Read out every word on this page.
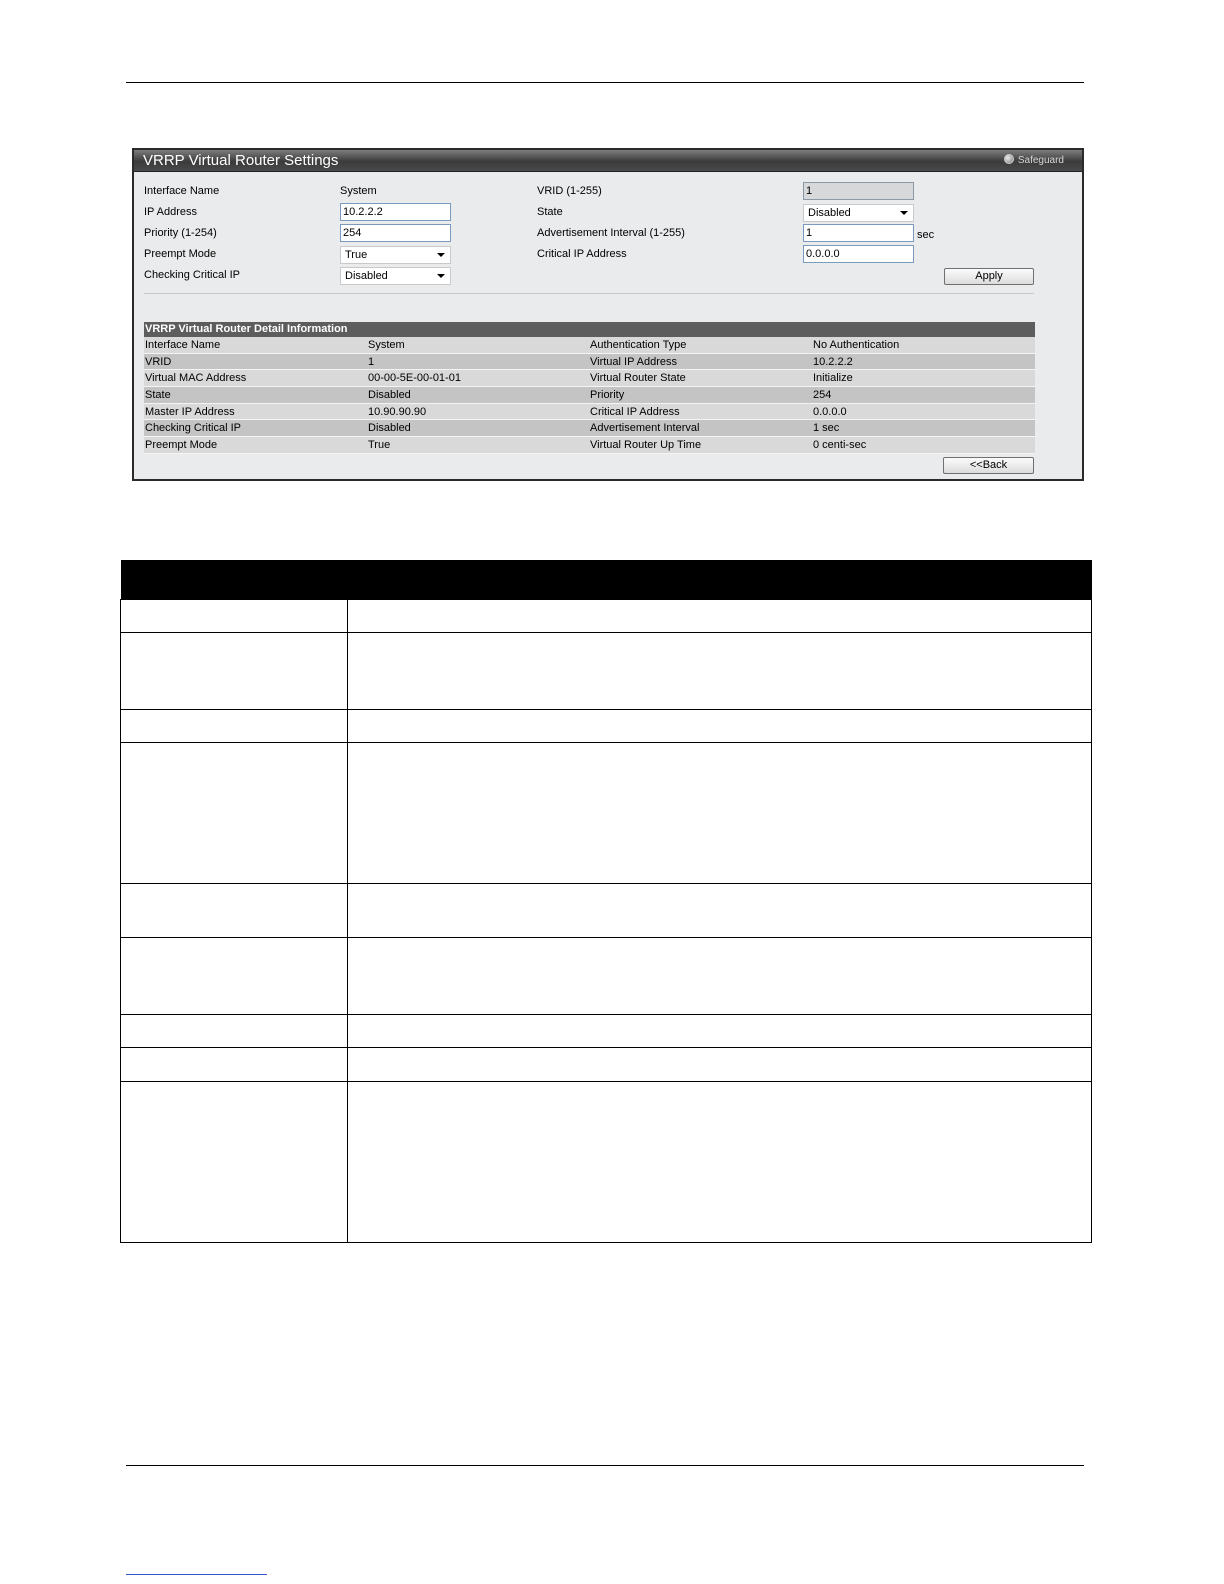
VRRP Virtual Router Settings	Safeguard
Interface Name	System
IP Address	10.2.2.2
Priority (1-254)	254
Preempt Mode	True
Checking Critical IP	Disabled
VRID (1-255)	1
State	Disabled
Advertisement Interval (1-255)	1	sec
Critical IP Address	0.0.0.0
Apply
VRRP Virtual Router Detail Information
Interface Name	System	Authentication Type	No Authentication
VRID	1	Virtual IP Address	10.2.2.2
Virtual MAC Address	00-00-5E-00-01-01	Virtual Router State	Initialize
State	Disabled	Priority	254
Master IP Address	10.90.90.90	Critical IP Address	0.0.0.0
Checking Critical IP	Disabled	Advertisement Interval	1 sec
Preempt Mode	True	Virtual Router Up Time	0 centi-sec
<<Back
